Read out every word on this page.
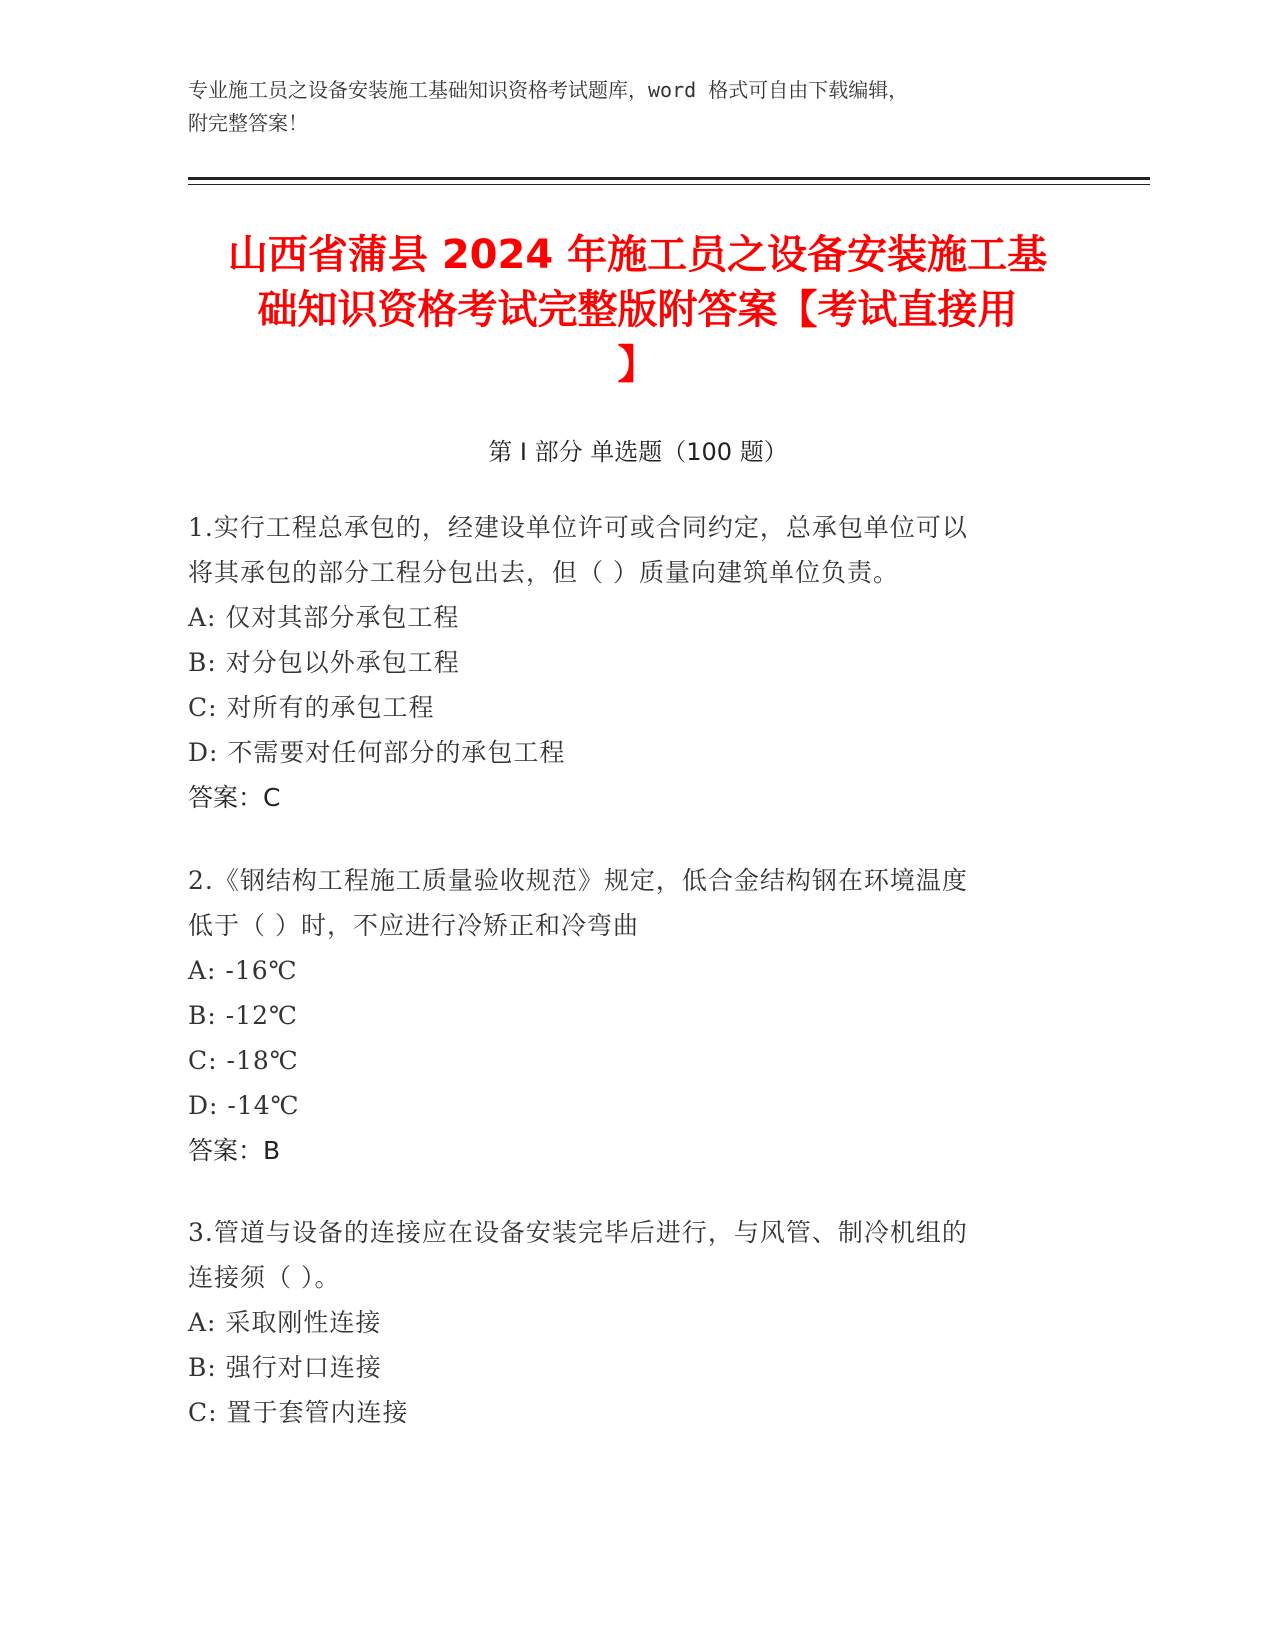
专业施工员之设备安装施工基础知识资格考试题库，word 格式可自由下载编辑，
附完整答案！
山西省蒲县 2024 年施工员之设备安装施工基
础知识资格考试完整版附答案【考试直接用
】
第 I 部分 单选题（100 题）
1.实行工程总承包的，经建设单位许可或合同约定，总承包单位可以
将其承包的部分工程分包出去，但（ ）质量向建筑单位负责。
A: 仅对其部分承包工程
B: 对分包以外承包工程
C: 对所有的承包工程
D: 不需要对任何部分的承包工程
答案：C
2.《钢结构工程施工质量验收规范》规定，低合金结构钢在环境温度
低于（ ）时，不应进行冷矫正和冷弯曲
A: -16℃
B: -12℃
C: -18℃
D: -14℃
答案：B
3.管道与设备的连接应在设备安装完毕后进行，与风管、制冷机组的
连接须（ ）。
A: 采取刚性连接
B: 强行对口连接
C: 置于套管内连接
